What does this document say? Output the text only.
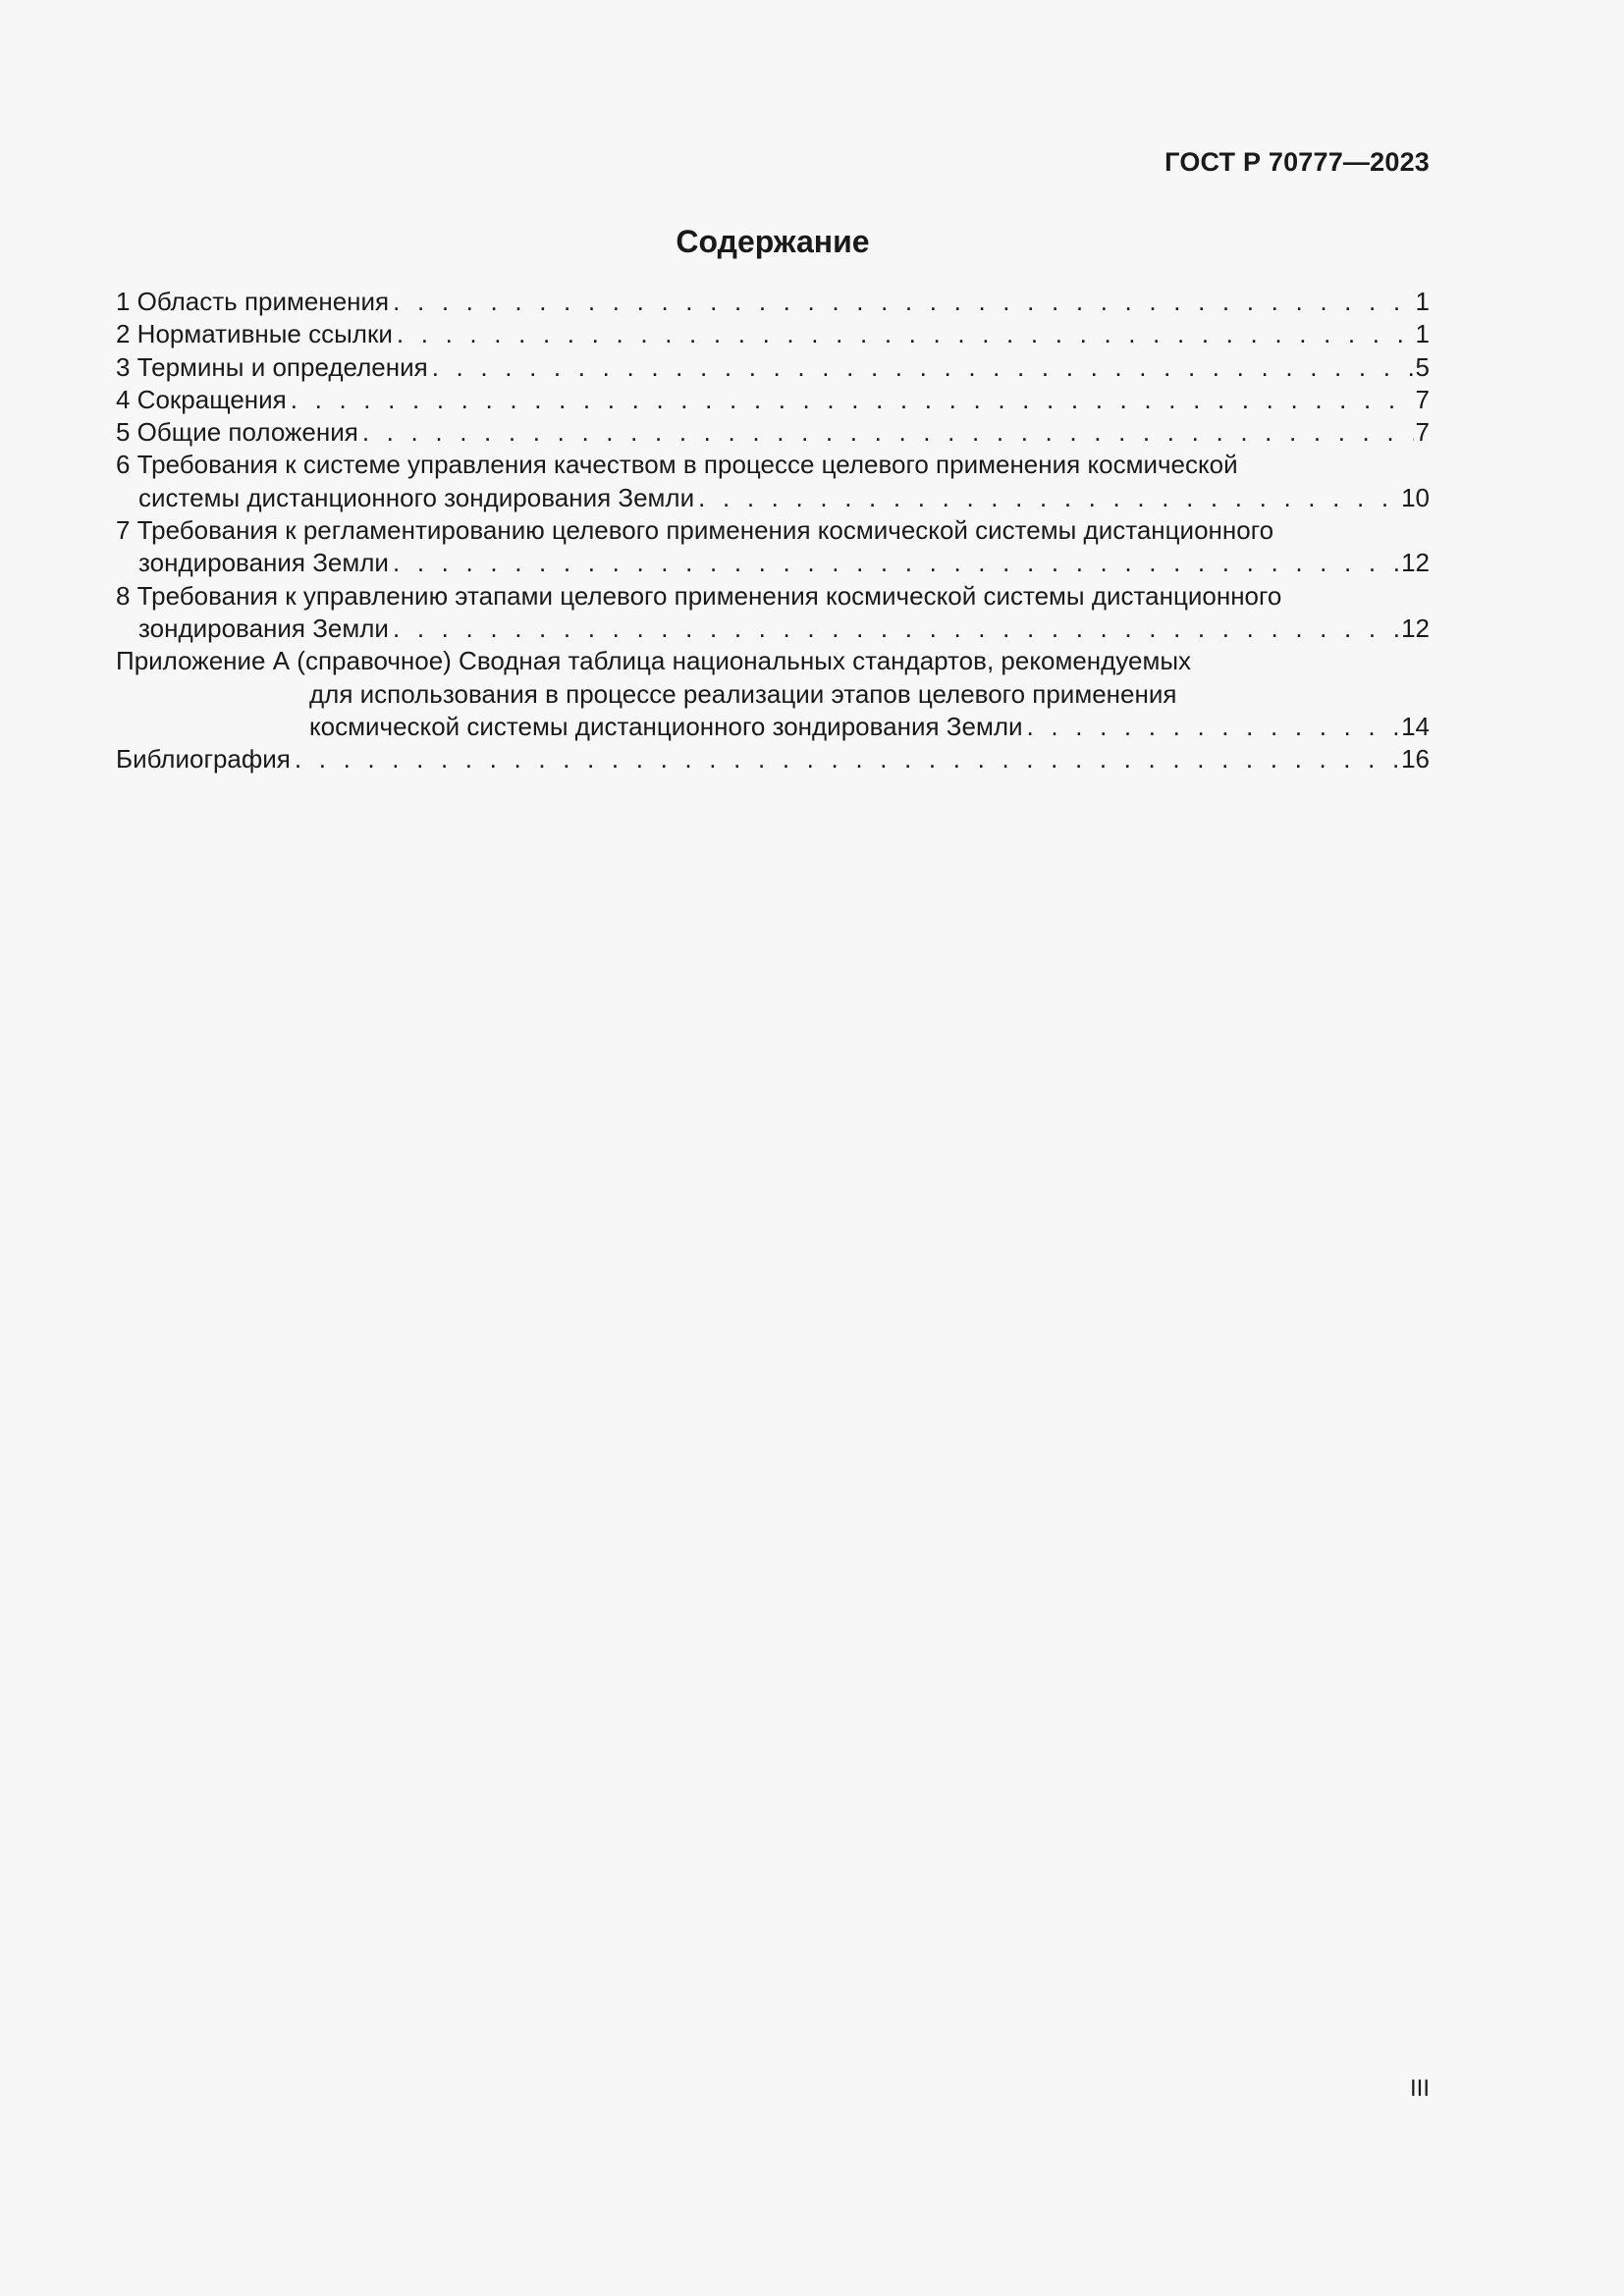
ГОСТ Р 70777—2023
Содержание
1 Область применения . . .	1
2 Нормативные ссылки . . .	1
3 Термины и определения . . .	5
4 Сокращения . . .	7
5 Общие положения . . .	7
6 Требования к системе управления качеством в процессе целевого применения космической
системы дистанционного зондирования Земли . . .	10
7 Требования к регламентированию целевого применения космической системы дистанционного
зондирования Земли . . .	12
8 Требования к управлению этапами целевого применения космической системы дистанционного
зондирования Земли . . .	12
Приложение А (справочное) Сводная таблица национальных стандартов, рекомендуемых
для использования в процессе реализации этапов целевого применения
космической системы дистанционного зондирования Земли . . .	14
Библиография . . .	16
III
